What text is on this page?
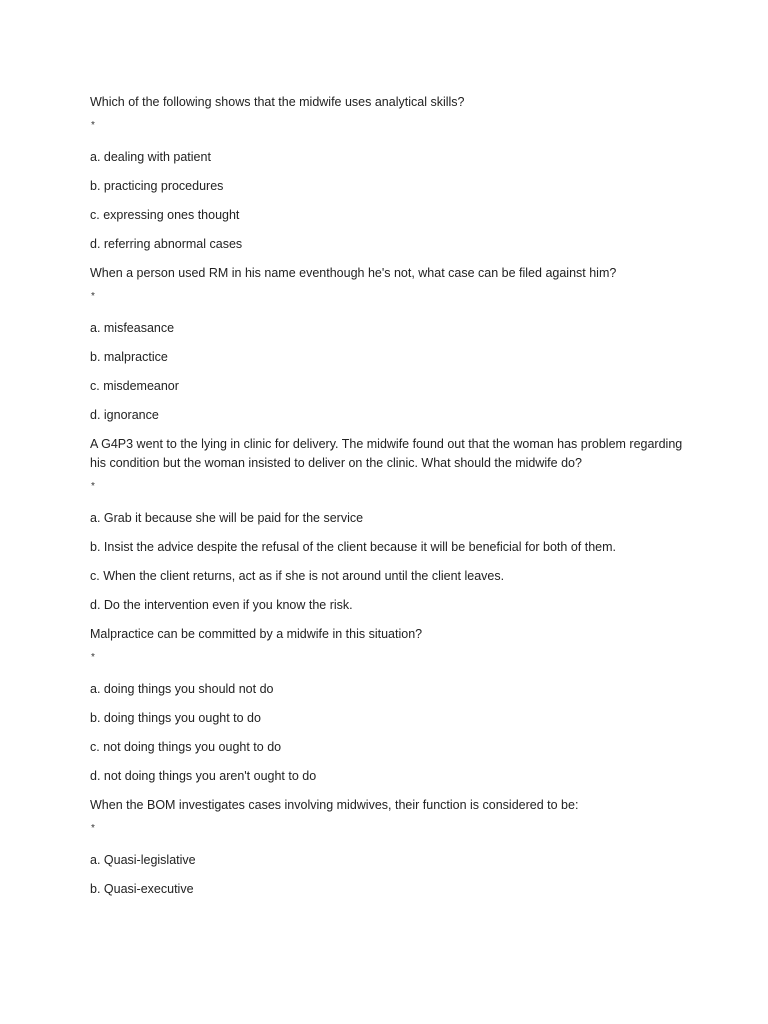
Which of the following shows that the midwife uses analytical skills?

*
a. dealing with patient
b. practicing procedures
c. expressing ones thought
d. referring abnormal cases

When a person used RM in his name eventhough he's not, what case can be filed against him?

*
a. misfeasance
b. malpractice
c. misdemeanor
d. ignorance

A G4P3 went to the lying in clinic for delivery. The midwife found out that the woman has problem regarding his condition but the woman insisted to deliver on the clinic. What should the midwife do?

*
a. Grab it because she will be paid for the service
b. Insist the advice despite the refusal of the client because it will be beneficial for both of them.
c. When the client returns, act as if she is not around until the client leaves.
d. Do the intervention even if you know the risk.

Malpractice can be committed by a midwife in this situation?

*
a. doing things you should not do
b. doing things you ought to do
c. not doing things you ought to do
d. not doing things you aren't ought to do

When the BOM investigates cases involving midwives, their function is considered to be:

*
a. Quasi-legislative
b. Quasi-executive
